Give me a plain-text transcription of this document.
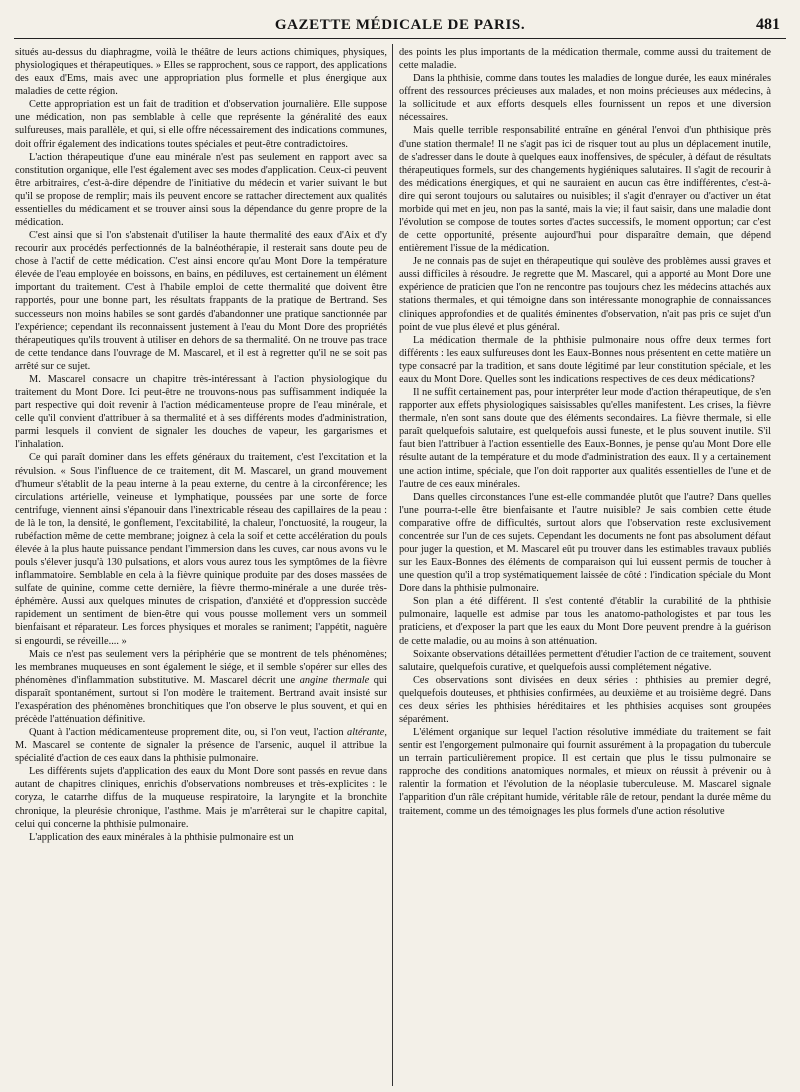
GAZETTE MÉDICALE DE PARIS.	481

situés au-dessus du diaphragme, voilà le théâtre de leurs actions chimiques, physiques, physiologiques et thérapeutiques. » Elles se rapprochent, sous ce rapport, des applications des eaux d'Ems, mais avec une appropriation plus formelle et plus énergique aux maladies de cette région.

Cette appropriation est un fait de tradition et d'observation journalière. Elle suppose une médication, non pas semblable à celle que représente la généralité des eaux sulfureuses, mais parallèle, et qui, si elle offre nécessairement des indications communes, doit offrir également des indications toutes spéciales et peut-être contradictoires.

L'action thérapeutique d'une eau minérale n'est pas seulement en rapport avec sa constitution organique, elle l'est également avec ses modes d'application. Ceux-ci peuvent être arbitraires, c'est-à-dire dépendre de l'initiative du médecin et varier suivant le but qu'il se propose de remplir; mais ils peuvent encore se rattacher directement aux qualités essentielles du médicament et se trouver ainsi sous la dépendance du genre propre de la médication.

C'est ainsi que si l'on s'abstenait d'utiliser la haute thermalité des eaux d'Aix et d'y recourir aux procédés perfectionnés de la balnéothérapie, il resterait sans doute peu de chose à l'actif de cette médication. C'est ainsi encore qu'au Mont Dore la température élevée de l'eau employée en boissons, en bains, en pédiluves, est certainement un élément important du traitement. C'est à l'habile emploi de cette thermalité que doivent être rapportés, pour une bonne part, les résultats frappants de la pratique de Bertrand. Ses successeurs non moins habiles se sont gardés d'abandonner une pratique sanctionnée par l'expérience; cependant ils reconnaissent justement à l'eau du Mont Dore des propriétés thérapeutiques qu'ils trouvent à utiliser en dehors de sa thermalité. On ne trouve pas trace de cette tendance dans l'ouvrage de M. Mascarel, et il est à regretter qu'il ne se soit pas arrêté sur ce sujet.

M. Mascarel consacre un chapitre très-intéressant à l'action physiologique du traitement du Mont Dore. Ici peut-être ne trouvons-nous pas suffisamment indiquée la part respective qui doit revenir à l'action médicamenteuse propre de l'eau minérale, et celle qu'il convient d'attribuer à sa thermalité et à ses différents modes d'administration, parmi lesquels il convient de signaler les douches de vapeur, les gargarismes et l'inhalation.

Ce qui paraît dominer dans les effets généraux du traitement, c'est l'excitation et la révulsion. « Sous l'influence de ce traitement, dit M. Mascarel, un grand mouvement d'humeur s'établit de la peau interne à la peau externe, du centre à la circonférence; les circulations artérielle, veineuse et lymphatique, poussées par une sorte de force centrifuge, viennent ainsi s'épanouir dans l'inextricable réseau des capillaires de la peau : de là le ton, la densité, le gonflement, l'excitabilité, la chaleur, l'onctuosité, la rougeur, la rubéfaction même de cette membrane; joignez à cela la soif et cette accélération du pouls élevée à la plus haute puissance pendant l'immersion dans les cuves, car nous avons vu le pouls s'élever jusqu'à 130 pulsations, et alors vous aurez tous les symptômes de la fièvre inflammatoire. Semblable en cela à la fièvre quinique produite par des doses massées de sulfate de quinine, comme cette dernière, la fièvre thermo-minérale a une durée très-éphémère. Aussi aux quelques minutes de crispation, d'anxiété et d'oppression succède rapidement un sentiment de bien-être qui vous pousse mollement vers un sommeil bienfaisant et réparateur. Les forces physiques et morales se raniment; l'appétit, naguère si engourdi, se réveille.... »

Mais ce n'est pas seulement vers la périphérie que se montrent de tels phénomènes; les membranes muqueuses en sont également le siége, et il semble s'opérer sur elles des phénomènes d'inflammation substitutive. M. Mascarel décrit une angine thermale qui disparaît spontanément, surtout si l'on modère le traitement. Bertrand avait insisté sur l'exaspération des phénomènes bronchitiques que l'on observe le plus souvent, et qui en précède l'atténuation définitive.

Quant à l'action médicamenteuse proprement dite, ou, si l'on veut, l'action altérante, M. Mascarel se contente de signaler la présence de l'arsenic, auquel il attribue la spécialité d'action de ces eaux dans la phthisie pulmonaire.

Les différents sujets d'application des eaux du Mont Dore sont passés en revue dans autant de chapitres cliniques, enrichis d'observations nombreuses et très-explicites : le coryza, le catarrhe diffus de la muqueuse respiratoire, la laryngite et la bronchite chronique, la pleurésie chronique, l'asthme. Mais je m'arrêterai sur le chapitre capital, celui qui concerne la phthisie pulmonaire.

L'application des eaux minérales à la phthisie pulmonaire est un

des points les plus importants de la médication thermale, comme aussi du traitement de cette maladie.

Dans la phthisie, comme dans toutes les maladies de longue durée, les eaux minérales offrent des ressources précieuses aux malades, et non moins précieuses aux médecins, à la sollicitude et aux efforts desquels elles fournissent un repos et une diversion nécessaires.

Mais quelle terrible responsabilité entraîne en général l'envoi d'un phthisique près d'une station thermale! Il ne s'agit pas ici de risquer tout au plus un déplacement inutile, de s'adresser dans le doute à quelques eaux inoffensives, de spéculer, à défaut de résultats thérapeutiques formels, sur des changements hygiéniques salutaires. Il s'agit de recourir à des médications énergiques, et qui ne sauraient en aucun cas être indifférentes, c'est-à-dire qui seront toujours ou salutaires ou nuisibles; il s'agit d'enrayer ou d'activer un état morbide qui met en jeu, non pas la santé, mais la vie; il faut saisir, dans une maladie dont l'évolution se compose de toutes sortes d'actes successifs, le moment opportun; car c'est de cette opportunité, présente aujourd'hui pour disparaître demain, que dépend entièrement l'issue de la médication.

Je ne connais pas de sujet en thérapeutique qui soulève des problèmes aussi graves et aussi difficiles à résoudre. Je regrette que M. Mascarel, qui a apporté au Mont Dore une expérience de praticien que l'on ne rencontre pas toujours chez les médecins attachés aux stations thermales, et qui témoigne dans son intéressante monographie de connaissances cliniques approfondies et de qualités éminentes d'observation, n'ait pas pris ce sujet d'un point de vue plus élevé et plus général.

La médication thermale de la phthisie pulmonaire nous offre deux termes fort différents : les eaux sulfureuses dont les Eaux-Bonnes nous présentent en cette matière un type consacré par la tradition, et sans doute légitimé par leur constitution spéciale, et les eaux du Mont Dore. Quelles sont les indications respectives de ces deux médications?

Il ne suffit certainement pas, pour interpréter leur mode d'action thérapeutique, de s'en rapporter aux effets physiologiques saisissables qu'elles manifestent. Les crises, la fièvre thermale, n'en sont sans doute que des éléments secondaires. La fièvre thermale, si elle paraît quelquefois salutaire, est quelquefois aussi funeste, et le plus souvent inutile. S'il faut bien l'attribuer à l'action essentielle des Eaux-Bonnes, je pense qu'au Mont Dore elle résulte autant de la température et du mode d'administration des eaux. Il y a certainement une action intime, spéciale, que l'on doit rapporter aux qualités essentielles de l'une et de l'autre de ces eaux minérales.

Dans quelles circonstances l'une est-elle commandée plutôt que l'autre? Dans quelles l'une pourra-t-elle être bienfaisante et l'autre nuisible? Je sais combien cette étude comparative offre de difficultés, surtout alors que l'observation reste exclusivement concentrée sur l'un de ces sujets. Cependant les documents ne font pas absolument défaut pour juger la question, et M. Mascarel eût pu trouver dans les estimables travaux publiés sur les Eaux-Bonnes des éléments de comparaison qui lui eussent permis de toucher à une question qu'il a trop systématiquement laissée de côté : l'indication spéciale du Mont Dore dans la phthisie pulmonaire.

Son plan a été différent. Il s'est contenté d'établir la curabilité de la phthisie pulmonaire, laquelle est admise par tous les anatomo-pathologistes et par tous les praticiens, et d'exposer la part que les eaux du Mont Dore peuvent prendre à la guérison de cette maladie, ou au moins à son atténuation.

Soixante observations détaillées permettent d'étudier l'action de ce traitement, souvent salutaire, quelquefois curative, et quelquefois aussi complétement négative.

Ces observations sont divisées en deux séries : phthisies au premier degré, quelquefois douteuses, et phthisies confirmées, au deuxième et au troisième degré. Dans ces deux séries les phthisies héréditaires et les phthisies acquises sont groupées séparément.

L'élément organique sur lequel l'action résolutive immédiate du traitement se fait sentir est l'engorgement pulmonaire qui fournit assurément à la propagation du tubercule un terrain particulièrement propice. Il est certain que plus le tissu pulmonaire se rapproche des conditions anatomiques normales, et mieux on réussit à prévenir ou à ralentir la formation et l'évolution de la néoplasie tuberculeuse. M. Mascarel signale l'apparition d'un râle crépitant humide, véritable râle de retour, pendant la durée même du traitement, comme un des témoignages les plus formels d'une action résolutive
